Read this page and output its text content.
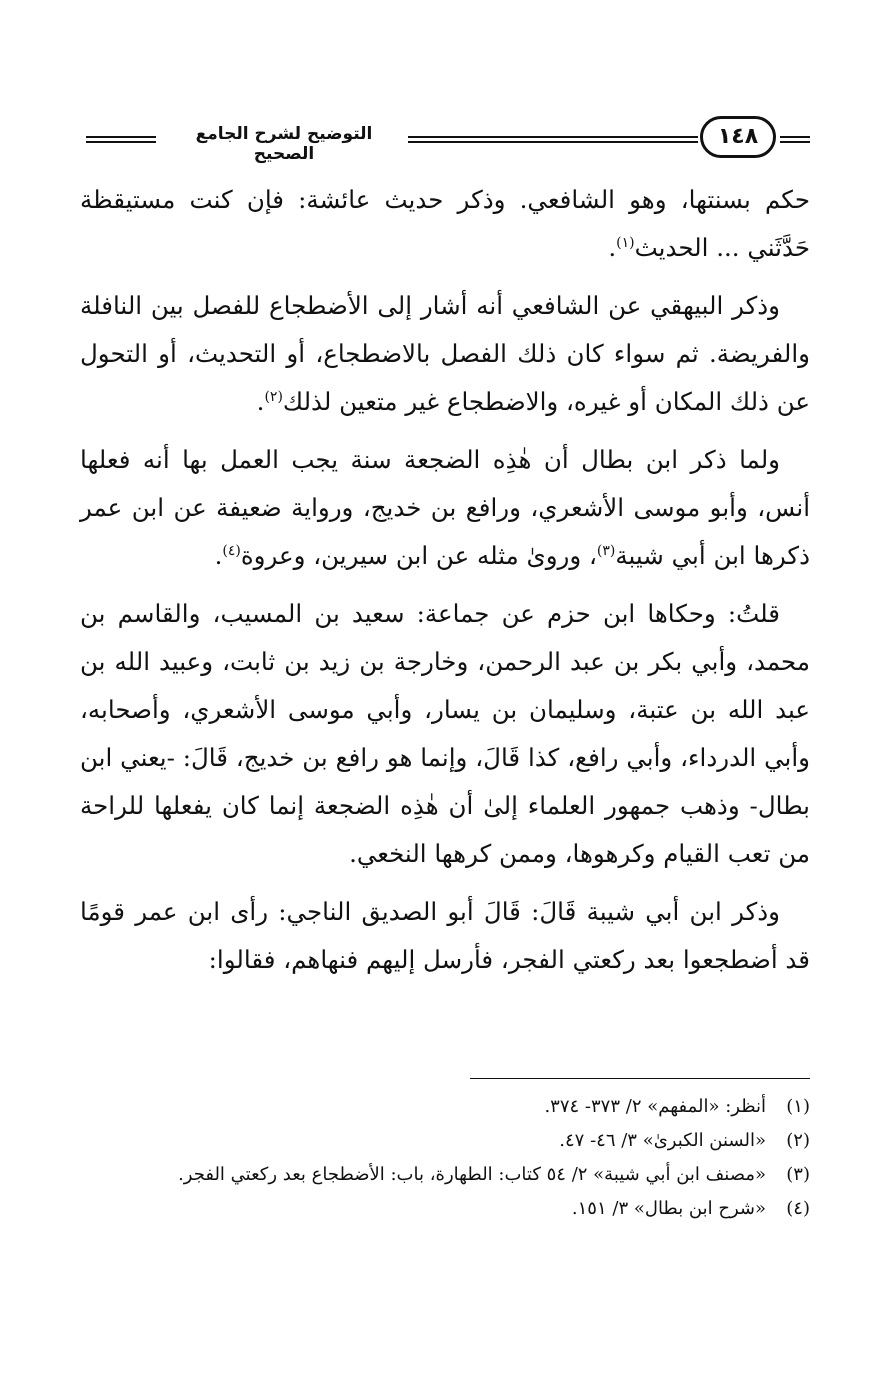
التوضيح لشرح الجامع الصحيح
١٤٨

حكم بسنتها، وهو الشافعي. وذكر حديث عائشة: فإن كنت مستيقظة حَدَّثَني ... الحديث$^{(١)}$.

وذكر البيهقي عن الشافعي أنه أشار إلى الأضطجاع للفصل بين النافلة والفريضة. ثم سواء كان ذلك الفصل بالاضطجاع، أو التحديث، أو التحول عن ذلك المكان أو غيره، والاضطجاع غير متعين لذلك$^{(٢)}$.

ولما ذكر ابن بطال أن هٰذِه الضجعة سنة يجب العمل بها أنه فعلها أنس، وأبو موسى الأشعري، ورافع بن خديج، ورواية ضعيفة عن ابن عمر ذكرها ابن أبي شيبة$^{(٣)}$، وروىٰ مثله عن ابن سيرين، وعروة$^{(٤)}$.

قلتُ: وحكاها ابن حزم عن جماعة: سعيد بن المسيب، والقاسم بن محمد، وأبي بكر بن عبد الرحمن، وخارجة بن زيد بن ثابت، وعبيد الله بن عبد الله بن عتبة، وسليمان بن يسار، وأبي موسى الأشعري، وأصحابه، وأبي الدرداء، وأبي رافع، كذا قَالَ، وإنما هو رافع بن خديج، قَالَ: -يعني ابن بطال- وذهب جمهور العلماء إلىٰ أن هٰذِه الضجعة إنما كان يفعلها للراحة من تعب القيام وكرهوها، وممن كرهها النخعي.

وذكر ابن أبي شيبة قَالَ: قَالَ أبو الصديق الناجي: رأى ابن عمر قومًا قد أضطجعوا بعد ركعتي الفجر، فأرسل إليهم فنهاهم، فقالوا:

(١)
أنظر: «المفهم» ٢/ ٣٧٣- ٣٧٤.
(٢)
«السنن الكبرىٰ» ٣/ ٤٦- ٤٧.
(٣)
«مصنف ابن أبي شيبة» ٢/ ٥٤ كتاب: الطهارة، باب: الأضطجاع بعد ركعتي الفجر.
(٤)
«شرح ابن بطال» ٣/ ١٥١.
